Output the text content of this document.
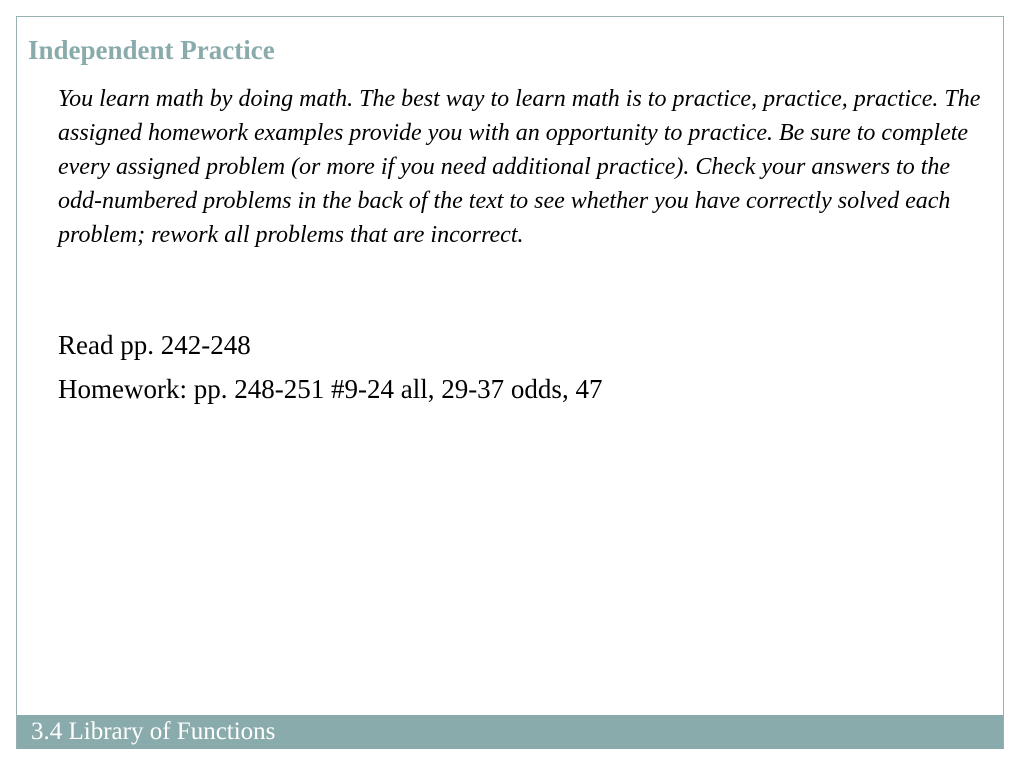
Independent Practice

You learn math by doing math. The best way to learn math is to practice, practice, practice. The assigned homework examples provide you with an opportunity to practice. Be sure to complete every assigned problem (or more if you need additional practice). Check your answers to the odd-numbered problems in the back of the text to see whether you have correctly solved each problem; rework all problems that are incorrect.

Read pp. 242-248

Homework: pp. 248-251 #9-24 all, 29-37 odds, 47

3.4 Library of Functions
